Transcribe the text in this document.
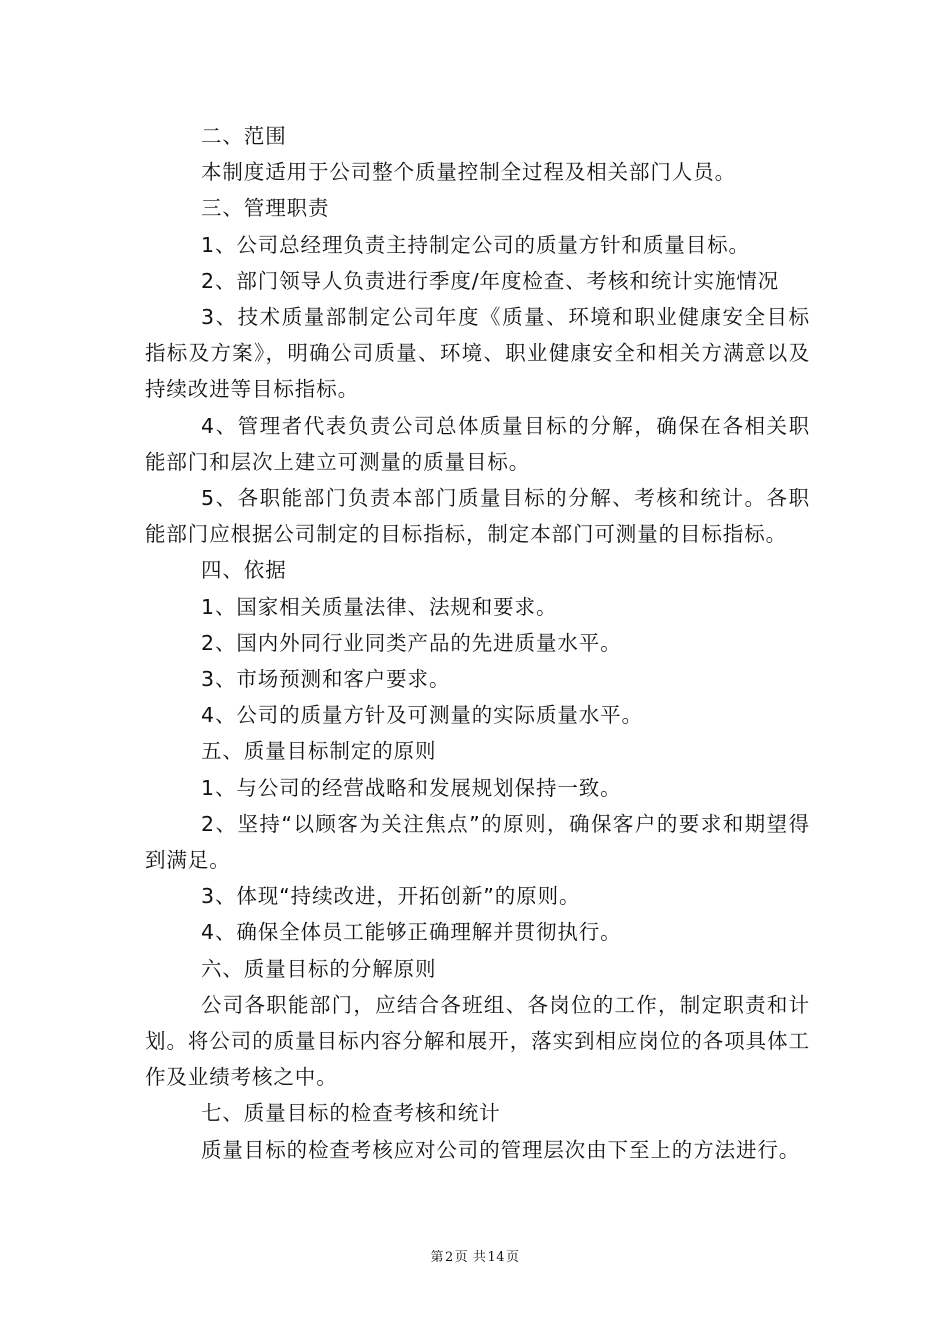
二、范围

本制度适用于公司整个质量控制全过程及相关部门人员。

三、管理职责

1、公司总经理负责主持制定公司的质量方针和质量目标。

2、部门领导人负责进行季度/年度检查、考核和统计实施情况

3、技术质量部制定公司年度《质量、环境和职业健康安全目标指标及方案》，明确公司质量、环境、职业健康安全和相关方满意以及持续改进等目标指标。

4、管理者代表负责公司总体质量目标的分解，确保在各相关职能部门和层次上建立可测量的质量目标。

5、各职能部门负责本部门质量目标的分解、考核和统计。各职能部门应根据公司制定的目标指标，制定本部门可测量的目标指标。

四、依据

1、国家相关质量法律、法规和要求。

2、国内外同行业同类产品的先进质量水平。

3、市场预测和客户要求。

4、公司的质量方针及可测量的实际质量水平。

五、质量目标制定的原则

1、与公司的经营战略和发展规划保持一致。

2、坚持“以顾客为关注焦点”的原则，确保客户的要求和期望得到满足。

3、体现“持续改进，开拓创新”的原则。

4、确保全体员工能够正确理解并贯彻执行。

六、质量目标的分解原则

公司各职能部门，应结合各班组、各岗位的工作，制定职责和计划。将公司的质量目标内容分解和展开，落实到相应岗位的各项具体工作及业绩考核之中。

七、质量目标的检查考核和统计

质量目标的检查考核应对公司的管理层次由下至上的方法进行。

第2页 共14页
